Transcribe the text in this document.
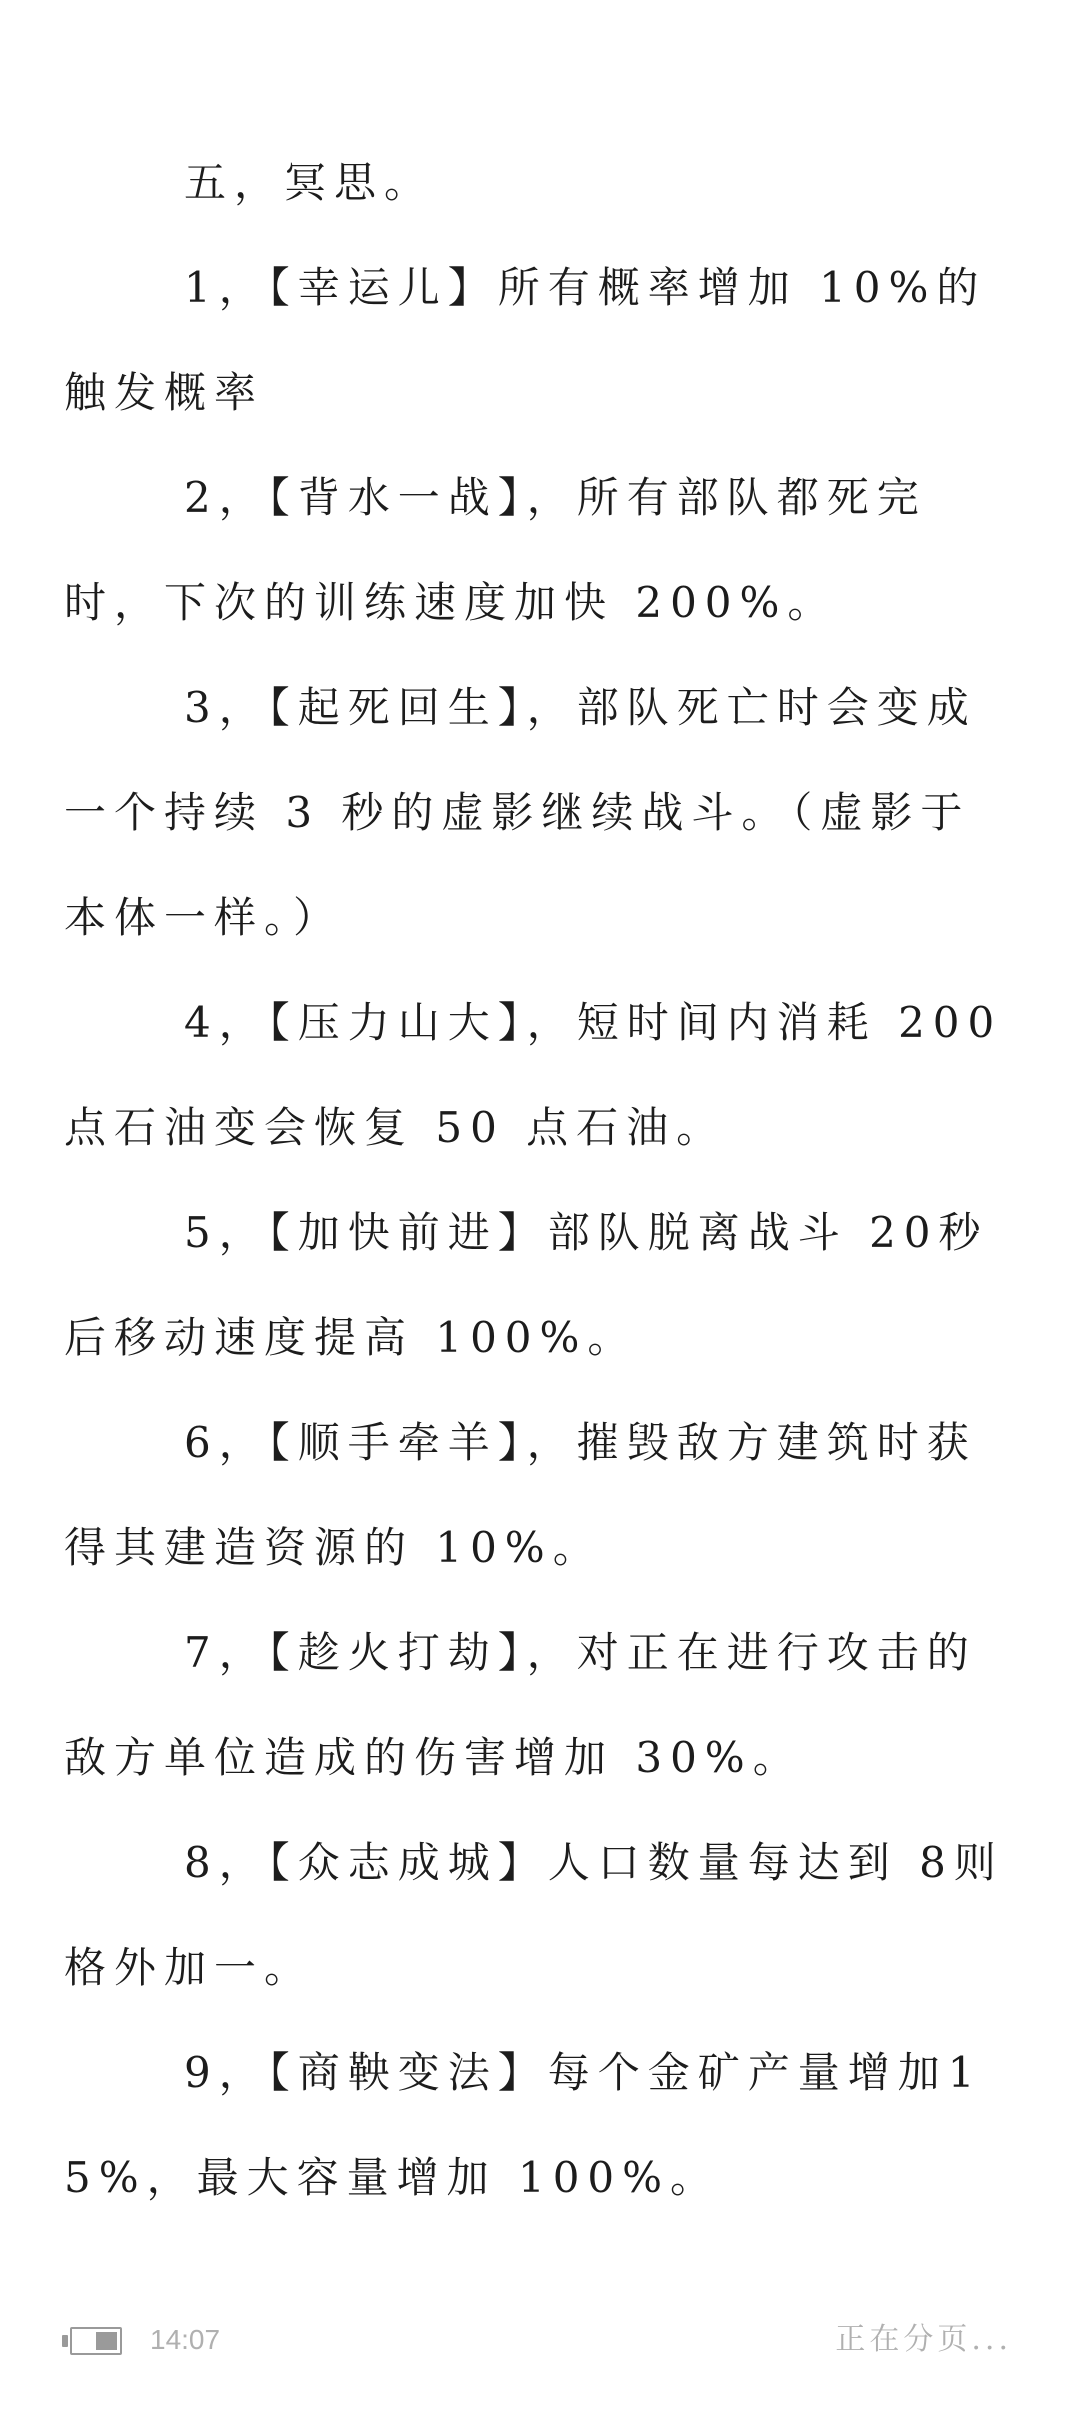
五，冥思。

1，【幸运儿】所有概率增加 10%的触发概率

2，【背水一战】，所有部队都死完时，下次的训练速度加快 200%。

3，【起死回生】，部队死亡时会变成一个持续 3 秒的虚影继续战斗。（虚影于本体一样。）

4，【压力山大】，短时间内消耗 200点石油变会恢复 50 点石油。

5，【加快前进】部队脱离战斗 20秒后移动速度提高 100%。

6，【顺手牵羊】，摧毁敌方建筑时获得其建造资源的 10%。

7，【趁火打劫】，对正在进行攻击的敌方单位造成的伤害增加 30%。

8，【众志成城】人口数量每达到 8则格外加一。

9，【商鞅变法】每个金矿产量增加15%，最大容量增加 100%。

14:07	正在分页...
